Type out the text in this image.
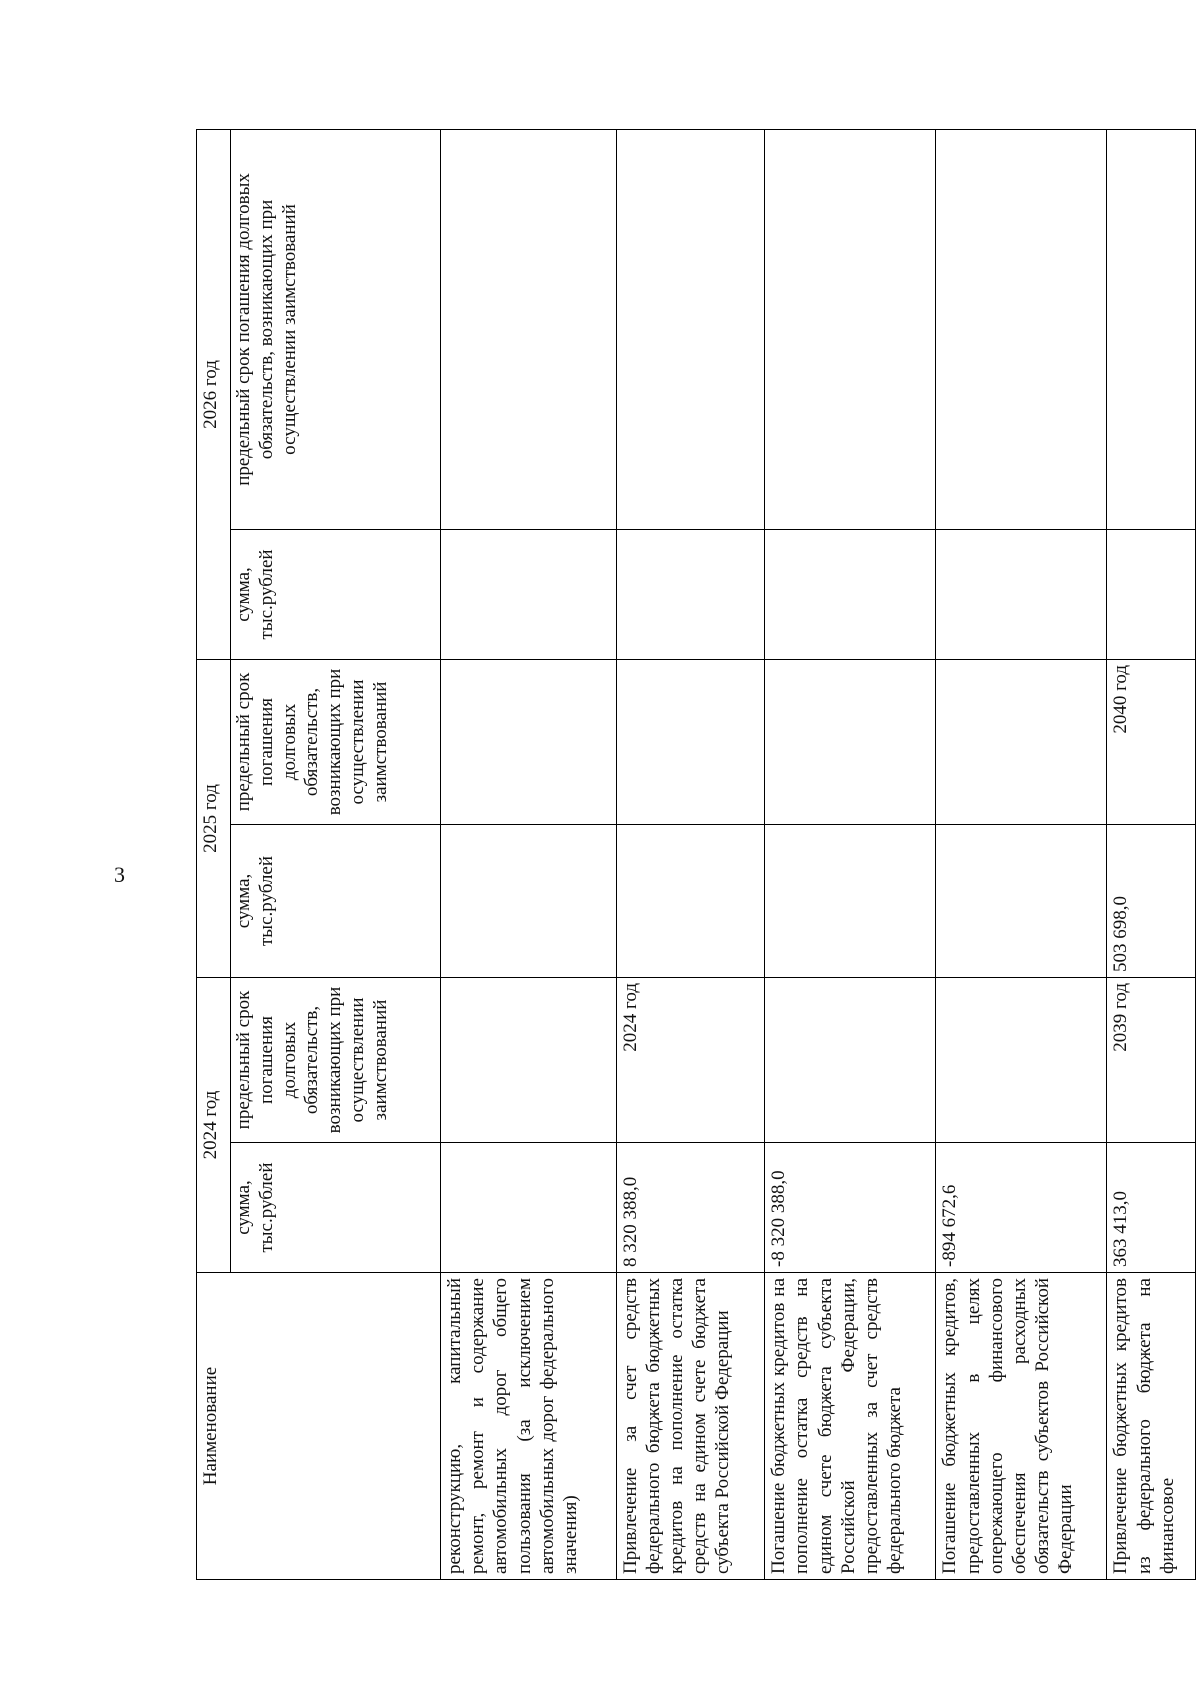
3
Наименование	2024 год		2025 год		2026 год	
	сумма, тыс.рублей	предельный срок погашения долговых обязательств, возникающих при осуществлении заимствований	сумма, тыс.рублей	предельный срок погашения долговых обязательств, возникающих при осуществлении заимствований	сумма, тыс.рублей	предельный срок погашения долговых обязательств, возникающих при осуществлении заимствований
реконструкцию, капитальный ремонт, ремонт и содержание автомобильных дорог общего пользования (за исключением автомобильных дорог федерального значения)						
Привлечение за счет средств федерального бюджета бюджетных кредитов на пополнение остатка средств на едином счете бюджета субъекта Российской Федерации	8 320 388,0	2024 год				
Погашение бюджетных кредитов на пополнение остатка средств на едином счете бюджета субъекта Российской Федерации, предоставленных за счет средств федерального бюджета	-8 320 388,0					
Погашение бюджетных кредитов, предоставленных в целях опережающего финансового обеспечения расходных обязательств субъектов Российской Федерации	-894 672,6					
Привлечение бюджетных кредитов из федерального бюджета на финансовое	363 413,0	2039 год	503 698,0	2040 год		
